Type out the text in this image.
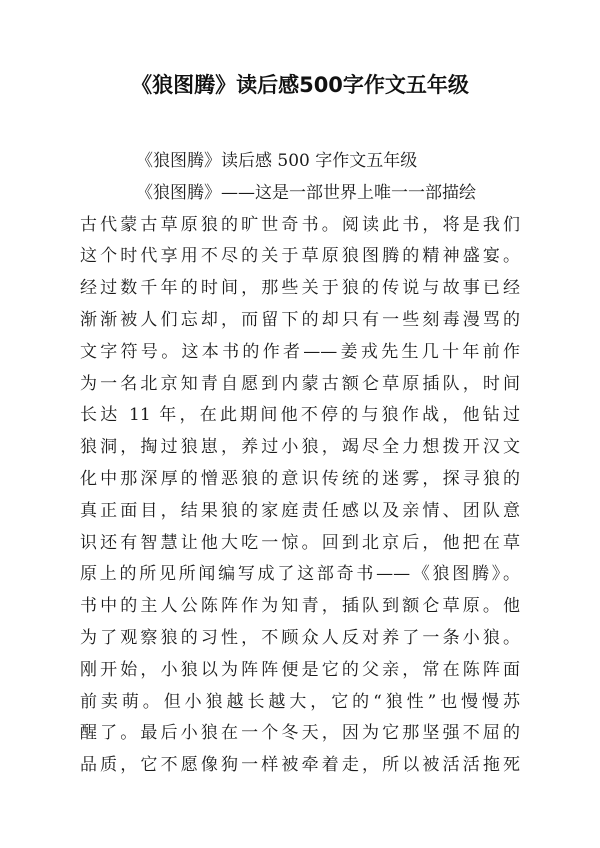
《狼图腾》读后感500字作文五年级
《狼图腾》读后感 500 字作文五年级
《狼图腾》——这是一部世界上唯一一部描绘
古代蒙古草原狼的旷世奇书。阅读此书，将是我们
这个时代享用不尽的关于草原狼图腾的精神盛宴。
经过数千年的时间，那些关于狼的传说与故事已经
渐渐被人们忘却，而留下的却只有一些刻毒漫骂的
文字符号。这本书的作者——姜戎先生几十年前作
为一名北京知青自愿到内蒙古额仑草原插队，时间
长达 11 年，在此期间他不停的与狼作战，他钻过
狼洞，掏过狼崽，养过小狼，竭尽全力想拨开汉文
化中那深厚的憎恶狼的意识传统的迷雾，探寻狼的
真正面目，结果狼的家庭责任感以及亲情、团队意
识还有智慧让他大吃一惊。回到北京后，他把在草
原上的所见所闻编写成了这部奇书——《狼图腾》。
书中的主人公陈阵作为知青，插队到额仑草原。他
为了观察狼的习性，不顾众人反对养了一条小狼。
刚开始，小狼以为阵阵便是它的父亲，常在陈阵面
前卖萌。但小狼越长越大，它的“狼性”也慢慢苏
醒了。最后小狼在一个冬天，因为它那坚强不屈的
品质，它不愿像狗一样被牵着走，所以被活活拖死
